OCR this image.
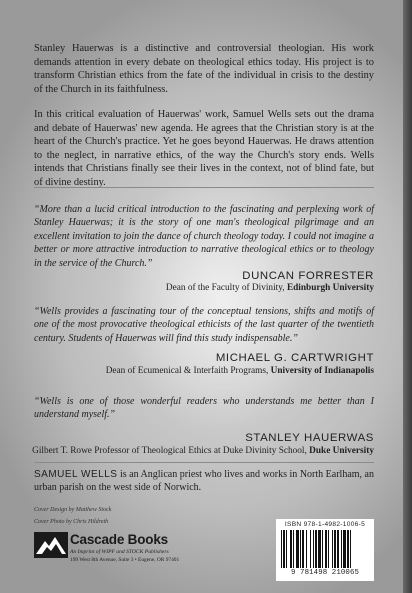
Stanley Hauerwas is a distinctive and controversial theologian. His work demands attention in every debate on theological ethics today. His project is to transform Christian ethics from the fate of the individual in crisis to the destiny of the Church in its faithfulness.

In this critical evaluation of Hauerwas' work, Samuel Wells sets out the drama and debate of Hauerwas' new agenda. He agrees that the Christian story is at the heart of the Church's practice. Yet he goes beyond Hauerwas. He draws attention to the neglect, in narrative ethics, of the way the Church's story ends. Wells intends that Christians finally see their lives in the context, not of blind fate, but of divine destiny.

“More than a lucid critical introduction to the fascinating and perplexing work of Stanley Hauerwas; it is the story of one man's theological pilgrimage and an excellent invitation to join the dance of church theology today. I could not imagine a better or more attractive introduction to narrative theological ethics or to theology in the service of the Church.”

DUNCAN FORRESTER

Dean of the Faculty of Divinity, Edinburgh University

“Wells provides a fascinating tour of the conceptual tensions, shifts and motifs of one of the most provocative theological ethicists of the last quarter of the twentieth century. Students of Hauerwas will find this study indispensable.”

MICHAEL G. CARTWRIGHT

Dean of Ecumenical & Interfaith Programs, University of Indianapolis

“Wells is one of those wonderful readers who understands me better than I understand myself.”

STANLEY HAUERWAS

Gilbert T. Rowe Professor of Theological Ethics at Duke Divinity School, Duke University

SAMUEL WELLS is an Anglican priest who lives and works in North Earlham, an urban parish on the west side of Norwich.

Cover Design by Matthew Stock

Cover Photo by Chris Hildreth

Cascade Books

An Imprint of WIPF and STOCK Publishers

199 West 8th Avenue, Suite 3 • Eugene, OR 97401

ISBN 978-1-4982-1006-5

9 781498 210065
